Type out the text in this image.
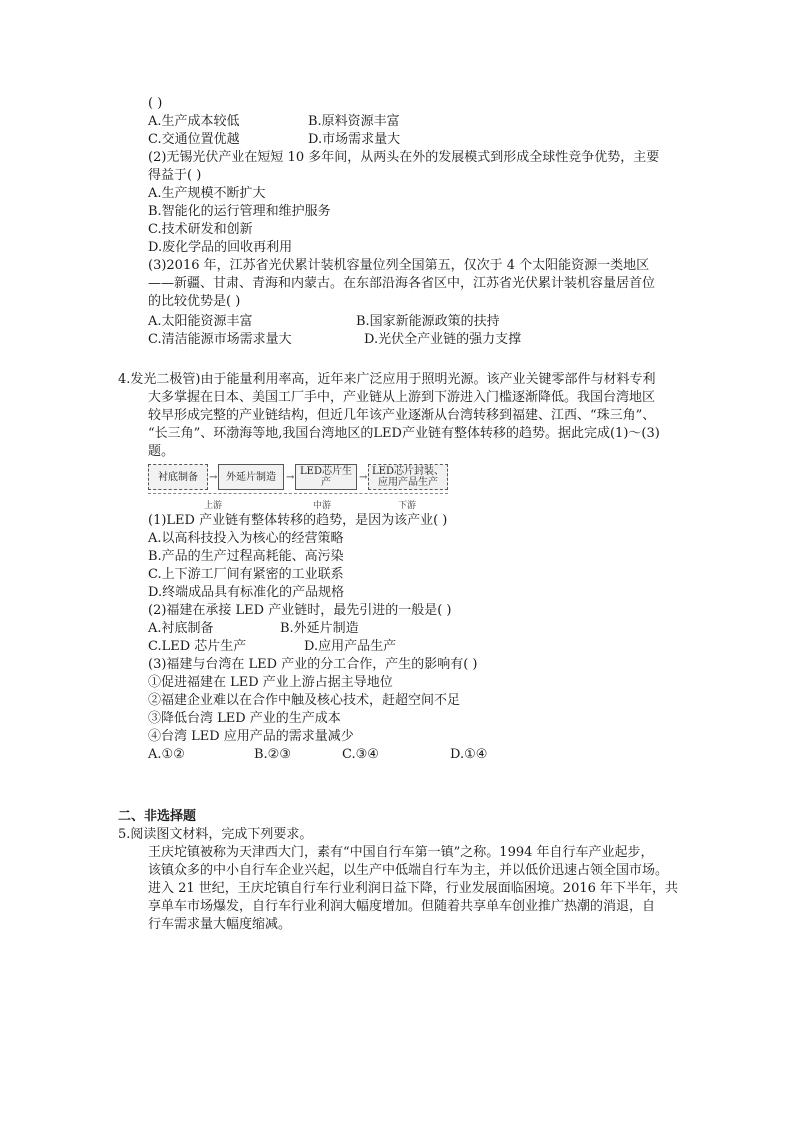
( )
A.生产成本较低	B.原料资源丰富
C.交通位置优越	D.市场需求量大
(2)无锡光伏产业在短短 10 多年间，从两头在外的发展模式到形成全球性竞争优势，主要
得益于( )
A.生产规模不断扩大
B.智能化的运行管理和维护服务
C.技术研发和创新
D.废化学品的回收再利用
(3)2016 年，江苏省光伏累计装机容量位列全国第五，仅次于 4 个太阳能资源一类地区
——新疆、甘肃、青海和内蒙古。在东部沿海各省区中，江苏省光伏累计装机容量居首位
的比较优势是( )
A.太阳能资源丰富	B.国家新能源政策的扶持
C.清洁能源市场需求量大	D.光伏全产业链的强力支撑
4.发光二极管)由于能量利用率高，近年来广泛应用于照明光源。该产业关键零部件与材料专利
大多掌握在日本、美国工厂手中，产业链从上游到下游进入门槛逐渐降低。我国台湾地区
较早形成完整的产业链结构，但近几年该产业逐渐从台湾转移到福建、江西、“珠三角”、
“长三角”、环渤海等地,我国台湾地区的LED产业链有整体转移的趋势。据此完成(1)～(3)
题。
衬底制备	→ 外延片制造	→
LED芯片生产	→
LED芯片封装、
应用产品生产
上游	中游	下游
(1)LED 产业链有整体转移的趋势，是因为该产业( )
A.以高科技投入为核心的经营策略
B.产品的生产过程高耗能、高污染
C.上下游工厂间有紧密的工业联系
D.终端成品具有标准化的产品规格
(2)福建在承接 LED 产业链时，最先引进的一般是( )
A.衬底制备	B.外延片制造
C.LED 芯片生产	D.应用产品生产
(3)福建与台湾在 LED 产业的分工合作，产生的影响有( )
①促进福建在 LED 产业上游占据主导地位
②福建企业难以在合作中触及核心技术，赶超空间不足
③降低台湾 LED 产业的生产成本
④台湾 LED 应用产品的需求量减少
A.①②	B.②③	C.③④	D.①④
二、非选择题
5.阅读图文材料，完成下列要求。
王庆坨镇被称为天津西大门，素有“中国自行车第一镇”之称。1994 年自行车产业起步，
该镇众多的中小自行车企业兴起，以生产中低端自行车为主，并以低价迅速占领全国市场。
进入 21 世纪，王庆坨镇自行车行业利润日益下降，行业发展面临困境。2016 年下半年，共
享单车市场爆发，自行车行业利润大幅度增加。但随着共享单车创业推广热潮的消退，自
行车需求量大幅度缩减。
